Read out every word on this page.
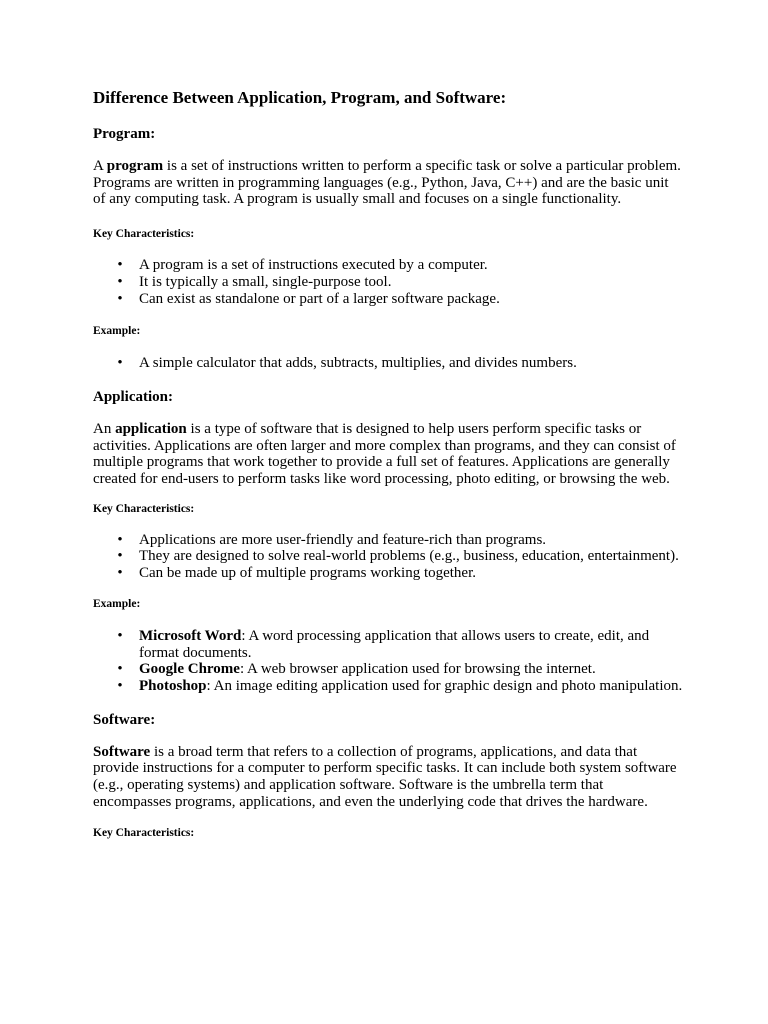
Difference Between Application, Program, and Software:
Program:

A program is a set of instructions written to perform a specific task or solve a particular problem. Programs are written in programming languages (e.g., Python, Java, C++) and are the basic unit of any computing task. A program is usually small and focuses on a single functionality.

Key Characteristics:
• A program is a set of instructions executed by a computer.
• It is typically a small, single-purpose tool.
• Can exist as standalone or part of a larger software package.
Example:
• A simple calculator that adds, subtracts, multiplies, and divides numbers.
Application:

An application is a type of software that is designed to help users perform specific tasks or activities. Applications are often larger and more complex than programs, and they can consist of multiple programs that work together to provide a full set of features. Applications are generally created for end-users to perform tasks like word processing, photo editing, or browsing the web.

Key Characteristics:
• Applications are more user-friendly and feature-rich than programs.
• They are designed to solve real-world problems (e.g., business, education, entertainment).
• Can be made up of multiple programs working together.
Example:
• Microsoft Word: A word processing application that allows users to create, edit, and format documents.
• Google Chrome: A web browser application used for browsing the internet.
• Photoshop: An image editing application used for graphic design and photo manipulation.
Software:

Software is a broad term that refers to a collection of programs, applications, and data that provide instructions for a computer to perform specific tasks. It can include both system software (e.g., operating systems) and application software. Software is the umbrella term that encompasses programs, applications, and even the underlying code that drives the hardware.

Key Characteristics:
